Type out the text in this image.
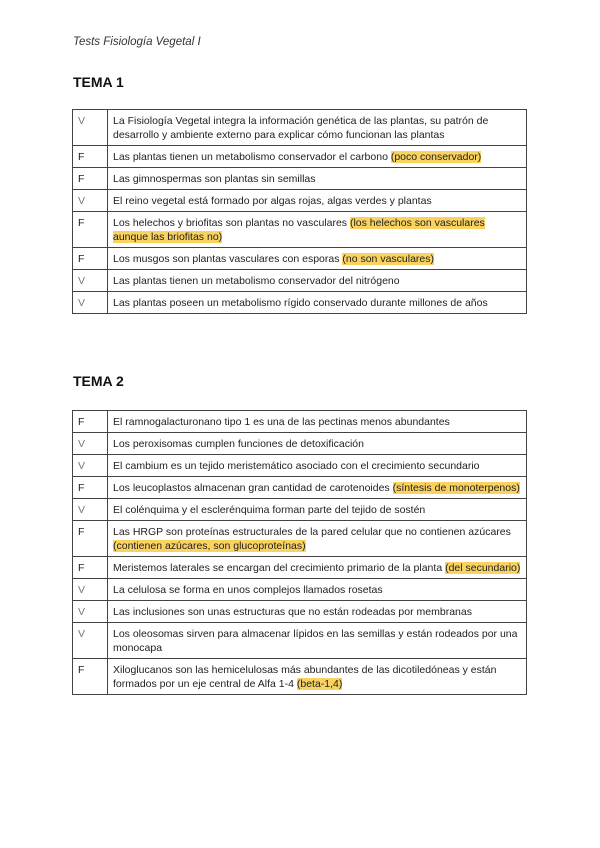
Tests Fisiología Vegetal I
TEMA 1
V	La Fisiología Vegetal integra la información genética de las plantas, su patrón de desarrollo y ambiente externo para explicar cómo funcionan las plantas
F	Las plantas tienen un metabolismo conservador el carbono (poco conservador)
F	Las gimnospermas son plantas sin semillas
V	El reino vegetal está formado por algas rojas, algas verdes y plantas
F	Los helechos y briofitas son plantas no vasculares (los helechos son vasculares aunque las briofitas no)
F	Los musgos son plantas vasculares con esporas (no son vasculares)
V	Las plantas tienen un metabolismo conservador del nitrógeno
V	Las plantas poseen un metabolismo rígido conservado durante millones de años
TEMA 2
F	El ramnogalacturonano tipo 1 es una de las pectinas menos abundantes
V	Los peroxisomas cumplen funciones de detoxificación
V	El cambium es un tejido meristemático asociado con el crecimiento secundario
F	Los leucoplastos almacenan gran cantidad de carotenoides (síntesis de monoterpenos)
V	El colénquima y el esclerénquima forman parte del tejido de sostén
F	Las HRGP son proteínas estructurales de la pared celular que no contienen azúcares (contienen azúcares, son glucoproteínas)
F	Meristemos laterales se encargan del crecimiento primario de la planta (del secundario)
V	La celulosa se forma en unos complejos llamados rosetas
V	Las inclusiones son unas estructuras que no están rodeadas por membranas
V	Los oleosomas sirven para almacenar lípidos en las semillas y están rodeados por una monocapa
F	Xiloglucanos son las hemicelulosas más abundantes de las dicotiledóneas y están formados por un eje central de Alfa 1-4 (beta-1,4)
